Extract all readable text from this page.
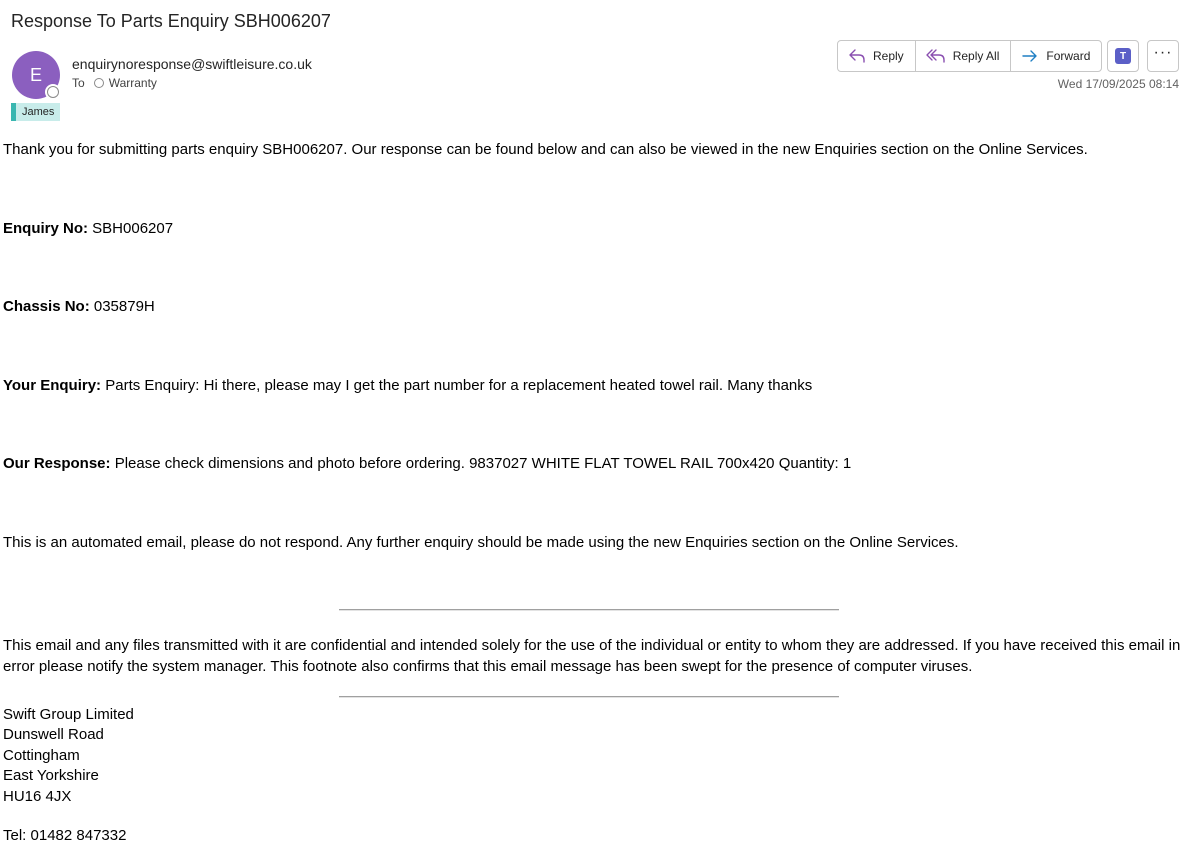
Response To Parts Enquiry SBH006207
E
enquirynoresponse@swiftleisure.co.uk
To Warranty
James
Reply	Reply All	Forward	T	···
Wed 17/09/2025 08:14
Thank you for submitting parts enquiry SBH006207. Our response can be found below and can also be viewed in the new Enquiries section on the Online Services.
Enquiry No: SBH006207
Chassis No: 035879H
Your Enquiry: Parts Enquiry: Hi there, please may I get the part number for a replacement heated towel rail. Many thanks
Our Response: Please check dimensions and photo before ordering. 9837027 WHITE FLAT TOWEL RAIL 700x420 Quantity: 1
This is an automated email, please do not respond. Any further enquiry should be made using the new Enquiries section on the Online Services.
This email and any files transmitted with it are confidential and intended solely for the use of the individual or entity to whom they are addressed. If you have received this email in error please notify the system manager. This footnote also confirms that this email message has been swept for the presence of computer viruses.
Swift Group Limited
Dunswell Road
Cottingham
East Yorkshire
HU16 4JX
Tel: 01482 847332
